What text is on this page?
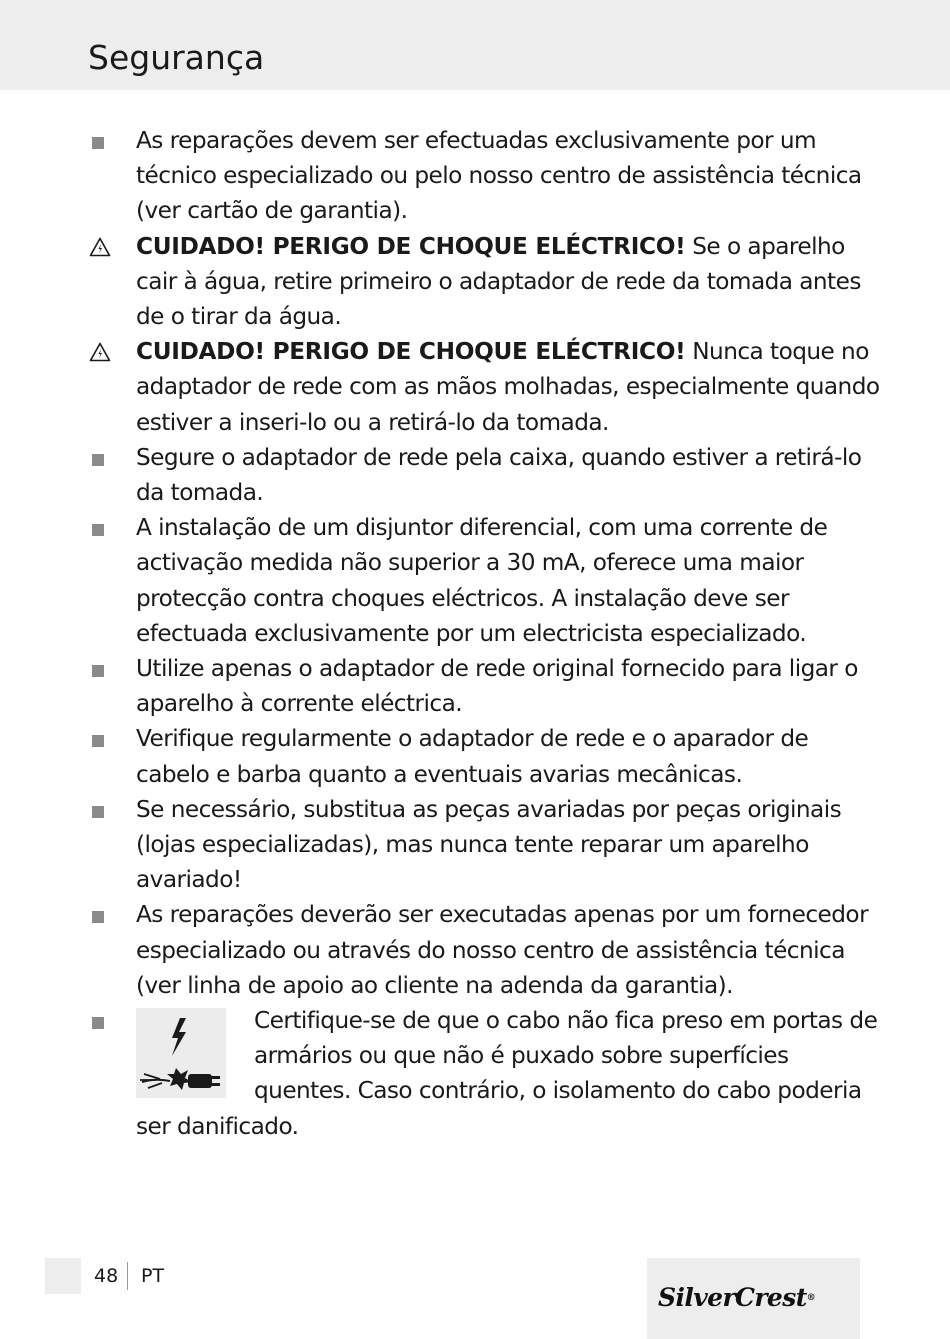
Segurança
As reparações devem ser efectuadas exclusivamente por um técnico especializado ou pelo nosso centro de assistência técnica (ver cartão de garantia).
CUIDADO! PERIGO DE CHOQUE ELÉCTRICO! Se o aparelho cair à água, retire primeiro o adaptador de rede da tomada antes de o tirar da água.
CUIDADO! PERIGO DE CHOQUE ELÉCTRICO! Nunca toque no adaptador de rede com as mãos molhadas, especialmente quando estiver a inseri-lo ou a retirá-lo da tomada.
Segure o adaptador de rede pela caixa, quando estiver a retirá-lo da tomada.
A instalação de um disjuntor diferencial, com uma corrente de activação medida não superior a 30 mA, oferece uma maior protecção contra choques eléctricos. A instalação deve ser efectuada exclusivamente por um electricista especializado.
Utilize apenas o adaptador de rede original fornecido para ligar o aparelho à corrente eléctrica.
Verifique regularmente o adaptador de rede e o aparador de cabelo e barba quanto a eventuais avarias mecânicas.
Se necessário, substitua as peças avariadas por peças originais (lojas especializadas), mas nunca tente reparar um aparelho avariado!
As reparações deverão ser executadas apenas por um fornecedor especializado ou através do nosso centro de assistência técnica (ver linha de apoio ao cliente na adenda da garantia).
Certifique-se de que o cabo não fica preso em portas de armários ou que não é puxado sobre superfícies quentes. Caso contrário, o isolamento do cabo poderia ser danificado.
48 PT
SilverCrest®
